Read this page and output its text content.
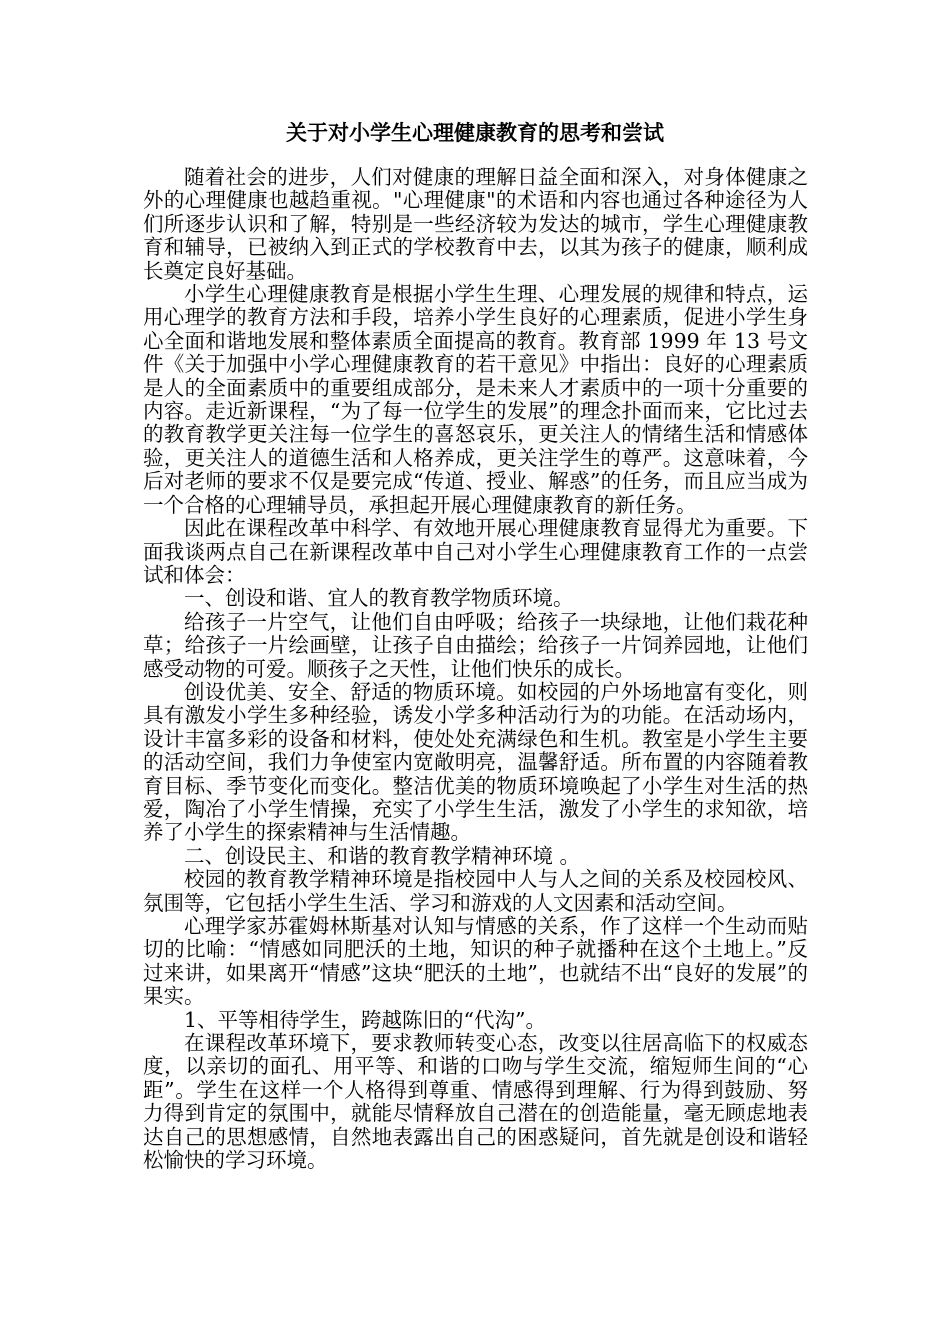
关于对小学生心理健康教育的思考和尝试

随着社会的进步，人们对健康的理解日益全面和深入，对身体健康之外的心理健康也越趋重视。"心理健康"的术语和内容也通过各种途径为人们所逐步认识和了解，特别是一些经济较为发达的城市，学生心理健康教育和辅导，已被纳入到正式的学校教育中去，以其为孩子的健康，顺利成长奠定良好基础。

小学生心理健康教育是根据小学生生理、心理发展的规律和特点，运用心理学的教育方法和手段，培养小学生良好的心理素质，促进小学生身心全面和谐地发展和整体素质全面提高的教育。教育部 1999 年 13 号文件《关于加强中小学心理健康教育的若干意见》中指出：良好的心理素质是人的全面素质中的重要组成部分，是未来人才素质中的一项十分重要的内容。走近新课程，“为了每一位学生的发展”的理念扑面而来，它比过去的教育教学更关注每一位学生的喜怒哀乐，更关注人的情绪生活和情感体验，更关注人的道德生活和人格养成，更关注学生的尊严。这意味着，今后对老师的要求不仅是要完成“传道、授业、解惑”的任务，而且应当成为一个合格的心理辅导员，承担起开展心理健康教育的新任务。

因此在课程改革中科学、有效地开展心理健康教育显得尤为重要。下面我谈两点自己在新课程改革中自己对小学生心理健康教育工作的一点尝试和体会：

一、创设和谐、宜人的教育教学物质环境。

给孩子一片空气，让他们自由呼吸；给孩子一块绿地，让他们栽花种草；给孩子一片绘画壁，让孩子自由描绘；给孩子一片饲养园地，让他们感受动物的可爱。顺孩子之天性，让他们快乐的成长。

创设优美、安全、舒适的物质环境。如校园的户外场地富有变化，则具有激发小学生多种经验，诱发小学多种活动行为的功能。在活动场内，设计丰富多彩的设备和材料，使处处充满绿色和生机。教室是小学生主要的活动空间，我们力争使室内宽敞明亮，温馨舒适。所布置的内容随着教育目标、季节变化而变化。整洁优美的物质环境唤起了小学生对生活的热爱，陶冶了小学生情操，充实了小学生生活，激发了小学生的求知欲，培养了小学生的探索精神与生活情趣。

二、创设民主、和谐的教育教学精神环境 。

校园的教育教学精神环境是指校园中人与人之间的关系及校园校风、氛围等，它包括小学生生活、学习和游戏的人文因素和活动空间。

心理学家苏霍姆林斯基对认知与情感的关系，作了这样一个生动而贴切的比喻：“情感如同肥沃的土地，知识的种子就播种在这个土地上。”反过来讲，如果离开“情感”这块“肥沃的土地”，也就结不出“良好的发展”的果实。

1、平等相待学生，跨越陈旧的“代沟”。

在课程改革环境下，要求教师转变心态，改变以往居高临下的权威态度，以亲切的面孔、用平等、和谐的口吻与学生交流，缩短师生间的“心距”。学生在这样一个人格得到尊重、情感得到理解、行为得到鼓励、努力得到肯定的氛围中，就能尽情释放自己潜在的创造能量，毫无顾虑地表达自己的思想感情，自然地表露出自己的困惑疑问，首先就是创设和谐轻松愉快的学习环境。
